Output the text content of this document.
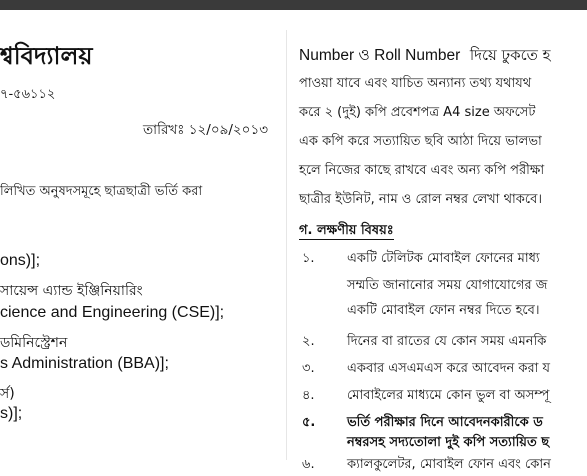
শ্ববিদ্যালয়
৭-৫৬১১২
তারিখঃ ১২/০৯/২০১৩
লিখিত অনুষদসমূহে ছাত্রছাত্রী ভর্তি করা
ons)];
সায়েন্স এ্যান্ড ইঞ্জিনিয়ারিং
cience and Engineering (CSE)];
ডমিনিস্ট্রেশন
s Administration (BBA)];
র্স)
s)];
Number ও Roll Number দিয়ে ঢুকতে হ
পাওয়া যাবে এবং যাচিত অন্যান্য তথ্য যথাযথ
করে ২ (দুই) কপি প্রবেশপত্র A4 size অফসেট
এক কপি করে সত্যায়িত ছবি আঠা দিয়ে ভালভা
হলে নিজের কাছে রাখবে এবং অন্য কপি পরীক্ষা
ছাত্রীর ইউনিট, নাম ও রোল নম্বর লেখা থাকবে।
গ. লক্ষণীয় বিষয়ঃ
১. একটি টেলিটক মোবাইল ফোনের মাধ্য
সম্মতি জানানোর সময় যোগাযোগের জ
একটি মোবাইল ফোন নম্বর দিতে হবে।
২. দিনের বা রাতের যে কোন সময় এমনকি
৩. একবার এসএমএস করে আবেদন করা য
৪. মোবাইলের মাধ্যমে কোন ভুল বা অসম্পূ
৫. ভর্তি পরীক্ষার দিনে আবেদনকারীকে ড
নম্বরসহ সদ্যতোলা দুই কপি সত্যায়িত ছ
৬. ক্যালকুলেটর, মোবাইল ফোন এবং কোন
